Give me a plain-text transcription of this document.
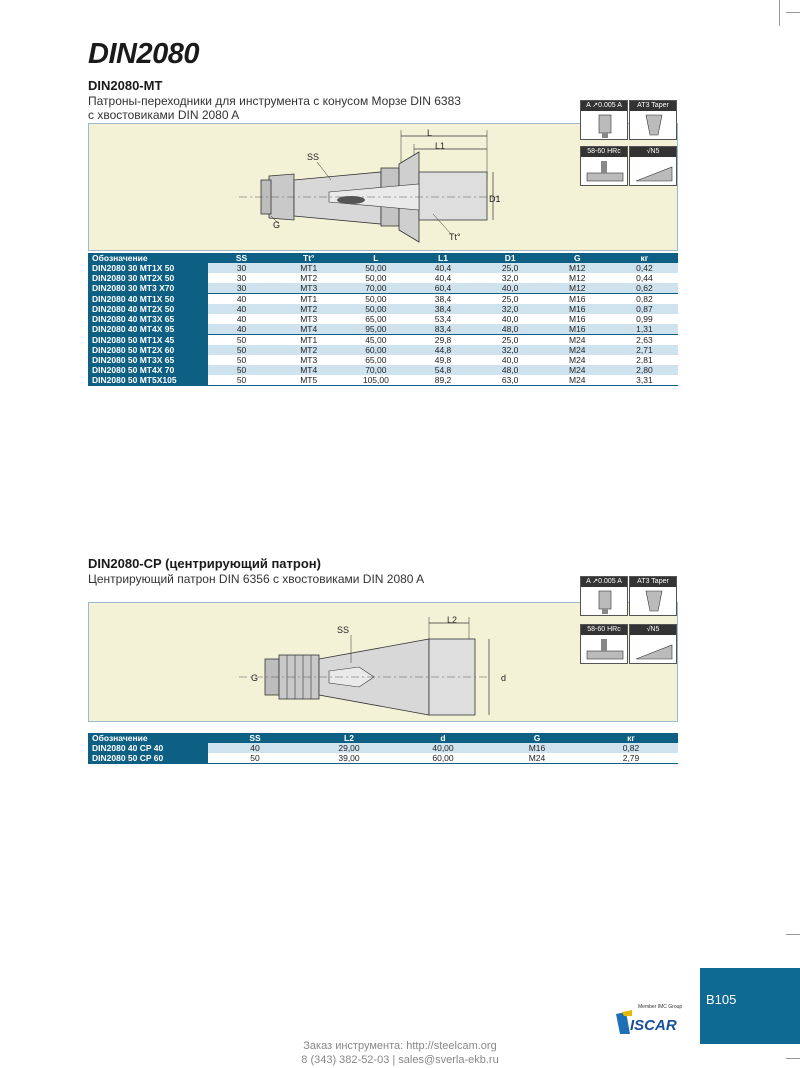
DIN2080
DIN2080-MT
Патроны-переходники для инструмента с конусом Морзе DIN 6383
с хвостовиками DIN 2080 A
L
L1
SS
D1
G
Tt°
A ↗0.005 A	AT3 Taper
58-60 HRc	√N5
Обозначение	SS	Tt°	L	L1	D1	G	кг
DIN2080 30 MT1X 50	30	MT1	50,00	40,4	25,0	M12	0,42
DIN2080 30 MT2X 50	30	MT2	50,00	40,4	32,0	M12	0,44
DIN2080 30 MT3 X70	30	MT3	70,00	60,4	40,0	M12	0,62
DIN2080 40 MT1X 50	40	MT1	50,00	38,4	25,0	M16	0,82
DIN2080 40 MT2X 50	40	MT2	50,00	38,4	32,0	M16	0,87
DIN2080 40 MT3X 65	40	MT3	65,00	53,4	40,0	M16	0,99
DIN2080 40 MT4X 95	40	MT4	95,00	83,4	48,0	M16	1,31
DIN2080 50 MT1X 45	50	MT1	45,00	29,8	25,0	M24	2,63
DIN2080 50 MT2X 60	50	MT2	60,00	44,8	32,0	M24	2,71
DIN2080 50 MT3X 65	50	MT3	65,00	49,8	40,0	M24	2,81
DIN2080 50 MT4X 70	50	MT4	70,00	54,8	48,0	M24	2,80
DIN2080 50 MT5X105	50	MT5	105,00	89,2	63,0	M24	3,31
DIN2080-CP (центрирующий патрон)
Центрирующий патрон DIN 6356 с хвостовиками DIN 2080 A
L2
SS
G	d
A ↗0.005 A	AT3 Taper
58-60 HRc	√N5
Обозначение	SS	L2	d	G	кг
DIN2080 40 CP 40	40	29,00	40,00	M16	0,82
DIN2080 50 CP 60	50	39,00	60,00	M24	2,79
Member IMC Group
ISCAR
B105
Заказ инструмента: http://steelcam.org
8 (343) 382-52-03 | sales@sverla-ekb.ru
